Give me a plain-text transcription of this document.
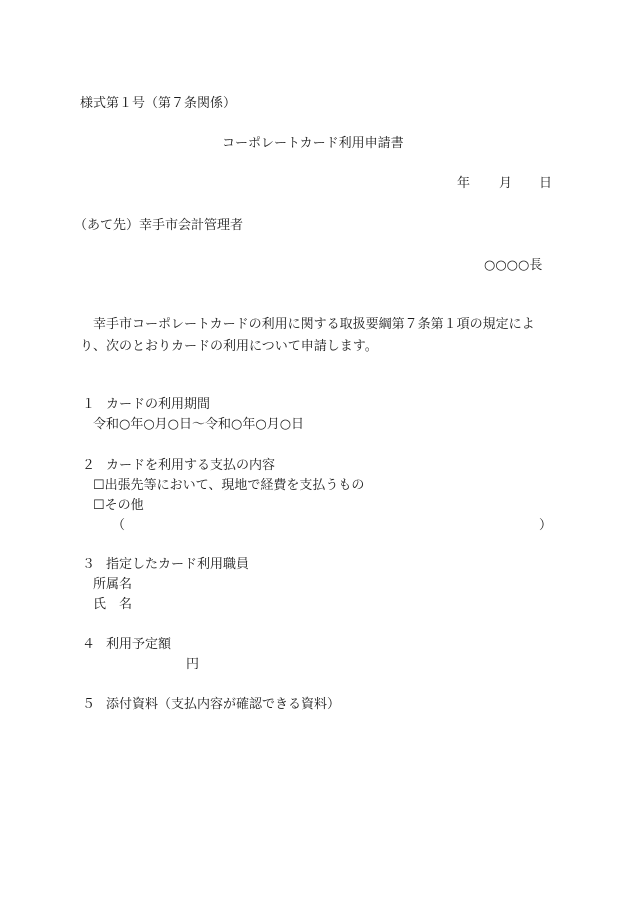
様式第１号（第７条関係）
コーポレートカード利用申請書
年 月 日
（あて先）幸手市会計管理者
○○○○長
幸手市コーポレートカードの利用に関する取扱要綱第７条第１項の規定によ
り、次のとおりカードの利用について申請します。
１ カードの利用期間
令和○年○月○日～令和○年○月○日
２ カードを利用する支払の内容
☐出張先等において、現地で経費を支払うもの
☐その他
（	）
３ 指定したカード利用職員
所属名
氏　名
４ 利用予定額
円
５ 添付資料（支払内容が確認できる資料）
